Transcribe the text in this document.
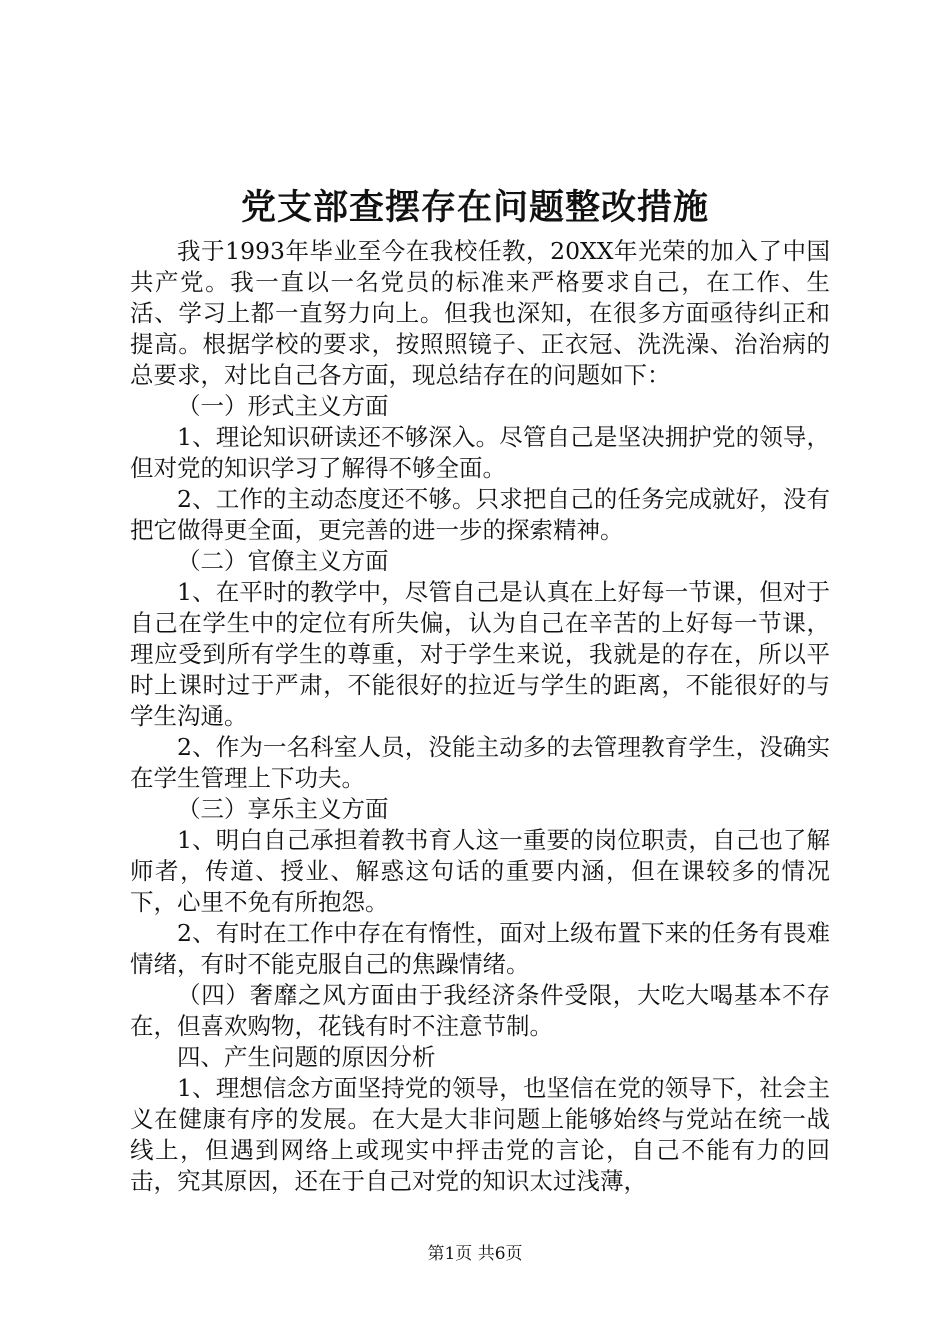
党支部查摆存在问题整改措施

我于1993年毕业至今在我校任教，20XX年光荣的加入了中国共产党。我一直以一名党员的标准来严格要求自己，在工作、生活、学习上都一直努力向上。但我也深知，在很多方面亟待纠正和提高。根据学校的要求，按照照镜子、正衣冠、洗洗澡、治治病的总要求，对比自己各方面，现总结存在的问题如下：

（一）形式主义方面

1、理论知识研读还不够深入。尽管自己是坚决拥护党的领导，但对党的知识学习了解得不够全面。

2、工作的主动态度还不够。只求把自己的任务完成就好，没有把它做得更全面，更完善的进一步的探索精神。

（二）官僚主义方面

1、在平时的教学中，尽管自己是认真在上好每一节课，但对于自己在学生中的定位有所失偏，认为自己在辛苦的上好每一节课，理应受到所有学生的尊重，对于学生来说，我就是的存在，所以平时上课时过于严肃，不能很好的拉近与学生的距离，不能很好的与学生沟通。

2、作为一名科室人员，没能主动多的去管理教育学生，没确实在学生管理上下功夫。

（三）享乐主义方面

1、明白自己承担着教书育人这一重要的岗位职责，自己也了解师者，传道、授业、解惑这句话的重要内涵，但在课较多的情况下，心里不免有所抱怨。

2、有时在工作中存在有惰性，面对上级布置下来的任务有畏难情绪，有时不能克服自己的焦躁情绪。

（四）奢靡之风方面由于我经济条件受限，大吃大喝基本不存在，但喜欢购物，花钱有时不注意节制。

四、产生问题的原因分析

1、理想信念方面坚持党的领导，也坚信在党的领导下，社会主义在健康有序的发展。在大是大非问题上能够始终与党站在统一战线上，但遇到网络上或现实中抨击党的言论，自己不能有力的回击，究其原因，还在于自己对党的知识太过浅薄，

第1页 共6页
